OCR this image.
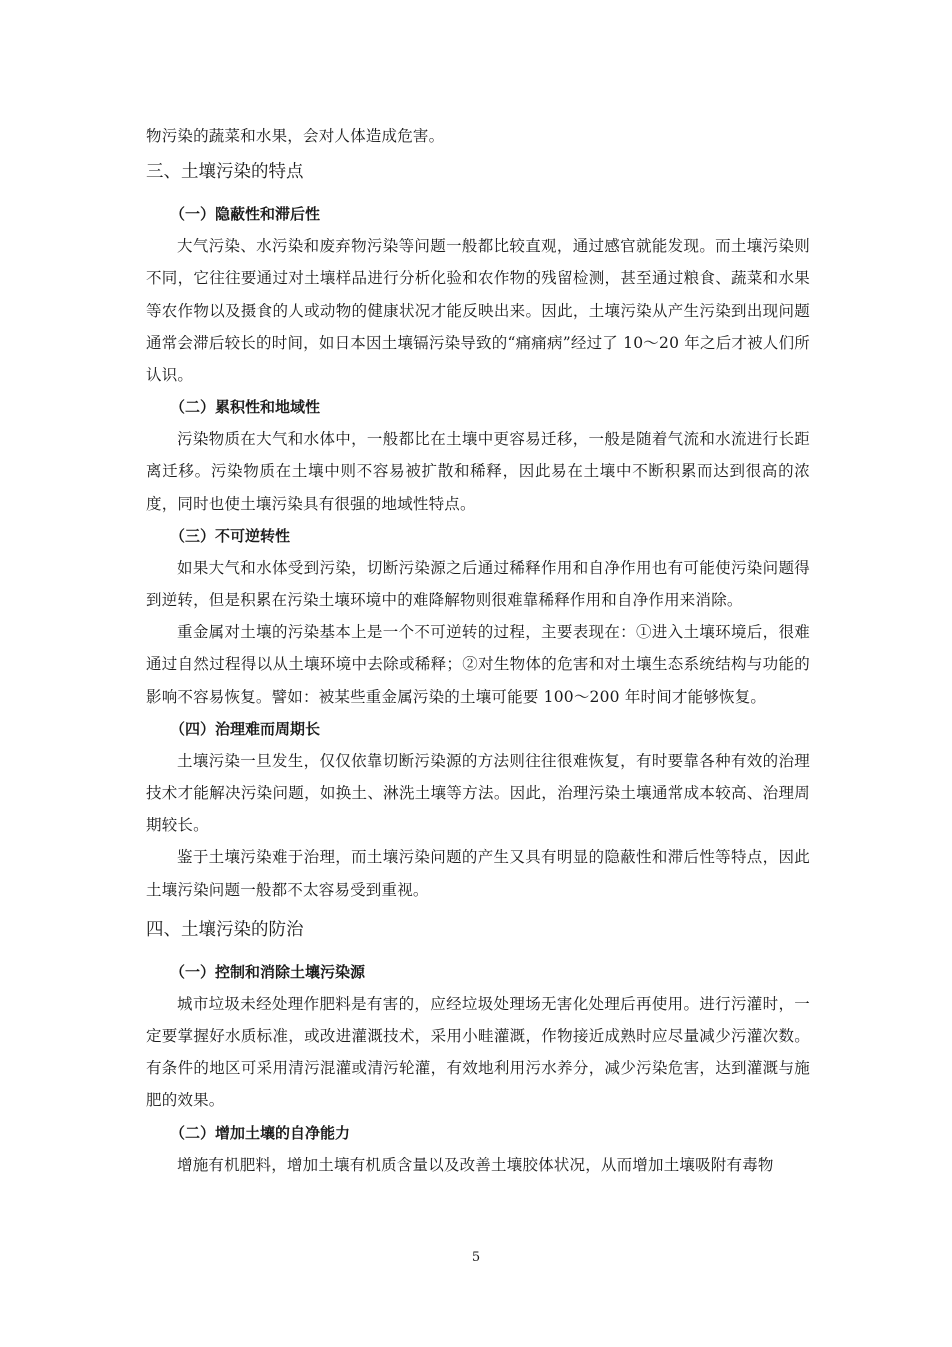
物污染的蔬菜和水果，会对人体造成危害。

三、土壤污染的特点
（一）隐蔽性和滞后性

大气污染、水污染和废弃物污染等问题一般都比较直观，通过感官就能发现。而土壤污染则不同，它往往要通过对土壤样品进行分析化验和农作物的残留检测，甚至通过粮食、蔬菜和水果等农作物以及摄食的人或动物的健康状况才能反映出来。因此，土壤污染从产生污染到出现问题通常会滞后较长的时间，如日本因土壤镉污染导致的“痛痛病”经过了 10～20 年之后才被人们所认识。

（二）累积性和地域性

污染物质在大气和水体中，一般都比在土壤中更容易迁移，一般是随着气流和水流进行长距离迁移。污染物质在土壤中则不容易被扩散和稀释，因此易在土壤中不断积累而达到很高的浓度，同时也使土壤污染具有很强的地域性特点。

（三）不可逆转性

如果大气和水体受到污染，切断污染源之后通过稀释作用和自净作用也有可能使污染问题得到逆转，但是积累在污染土壤环境中的难降解物则很难靠稀释作用和自净作用来消除。

重金属对土壤的污染基本上是一个不可逆转的过程，主要表现在：①进入土壤环境后，很难通过自然过程得以从土壤环境中去除或稀释；②对生物体的危害和对土壤生态系统结构与功能的影响不容易恢复。譬如：被某些重金属污染的土壤可能要 100～200 年时间才能够恢复。

（四）治理难而周期长

土壤污染一旦发生，仅仅依靠切断污染源的方法则往往很难恢复，有时要靠各种有效的治理技术才能解决污染问题，如换土、淋洗土壤等方法。因此，治理污染土壤通常成本较高、治理周期较长。

鉴于土壤污染难于治理，而土壤污染问题的产生又具有明显的隐蔽性和滞后性等特点，因此土壤污染问题一般都不太容易受到重视。

四、土壤污染的防治
（一）控制和消除土壤污染源

城市垃圾未经处理作肥料是有害的，应经垃圾处理场无害化处理后再使用。进行污灌时，一定要掌握好水质标准，或改进灌溉技术，采用小畦灌溉，作物接近成熟时应尽量减少污灌次数。有条件的地区可采用清污混灌或清污轮灌，有效地利用污水养分，减少污染危害，达到灌溉与施肥的效果。

（二）增加土壤的自净能力

增施有机肥料，增加土壤有机质含量以及改善土壤胶体状况，从而增加土壤吸附有毒物

5
